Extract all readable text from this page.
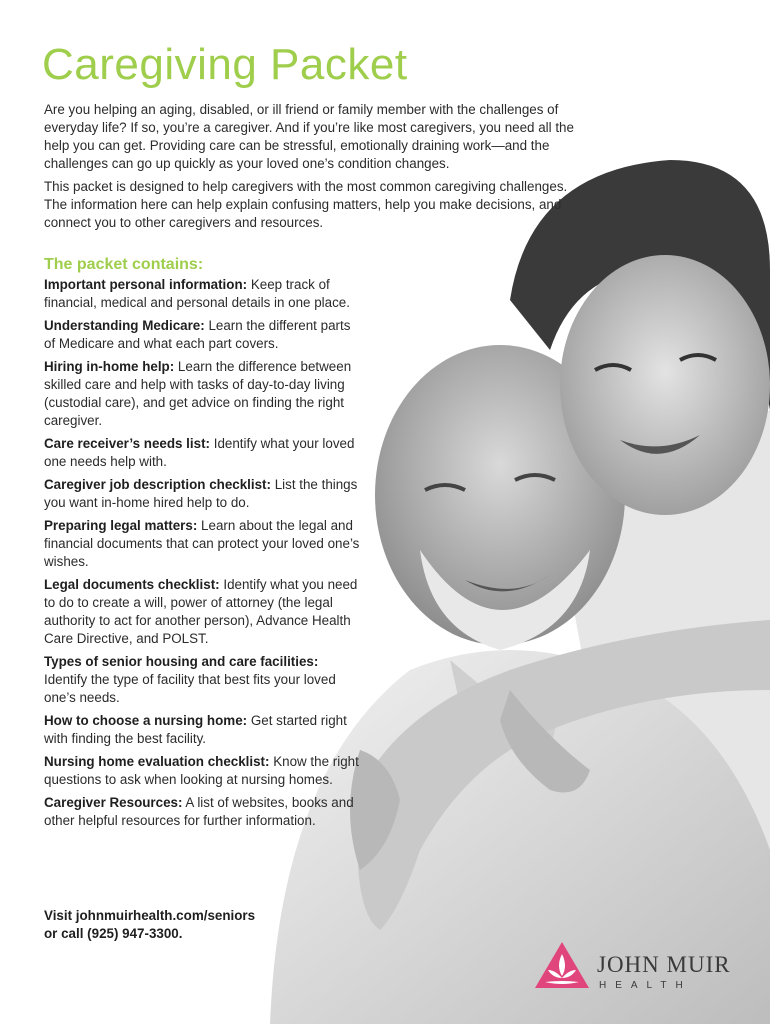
Caregiving Packet

Are you helping an aging, disabled, or ill friend or family member with the challenges of everyday life? If so, you’re a caregiver. And if you’re like most caregivers, you need all the help you can get. Providing care can be stressful, emotionally draining work—and the challenges can go up quickly as your loved one’s condition changes.

This packet is designed to help caregivers with the most common caregiving challenges. The information here can help explain confusing matters, help you make decisions, and connect you to other caregivers and resources.

The packet contains:

Important personal information: Keep track of financial, medical and personal details in one place.

Understanding Medicare: Learn the different parts of Medicare and what each part covers.

Hiring in-home help: Learn the difference between skilled care and help with tasks of day-to-day living (custodial care), and get advice on finding the right caregiver.

Care receiver’s needs list: Identify what your loved one needs help with.

Caregiver job description checklist: List the things you want in-home hired help to do.

Preparing legal matters: Learn about the legal and financial documents that can protect your loved one’s wishes.

Legal documents checklist: Identify what you need to do to create a will, power of attorney (the legal authority to act for another person), Advance Health Care Directive, and POLST.

Types of senior housing and care facilities: Identify the type of facility that best fits your loved one’s needs.

How to choose a nursing home: Get started right with finding the best facility.

Nursing home evaluation checklist: Know the right questions to ask when looking at nursing homes.

Caregiver Resources: A list of websites, books and other helpful resources for further information.

Visit johnmuirhealth.com/seniors
or call (925) 947-3300.
JOHN MUIR
HEALTH
